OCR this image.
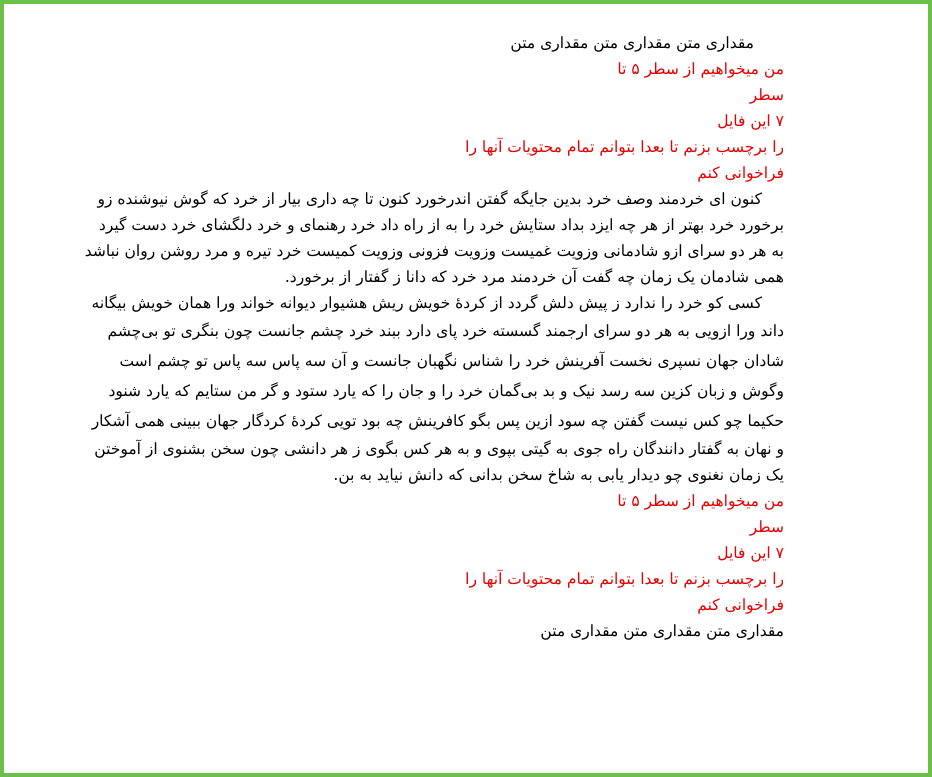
مقداری متن مقداری متن مقداری متن
من میخواهیم از سطر ۵ تا
سطر
۷ این فایل
را برچسب بزنم تا بعدا بتوانم تمام محتویات آنها را
فراخوانی کنم
کنون ای خردمند وصف خرد بدین جایگه گفتن اندرخورد کنون تا چه داری بیار از خرد که گوش نیوشنده زو
برخورد خرد بهتر از هر چه ایزد بداد ستایش خرد را به از راه داد خرد رهنمای و خرد دلگشای خرد دست گیرد
به هر دو سرای ازو شادمانی وزویت غمیست وزویت فزونی وزویت کمیست خرد تیره و مرد روشن روان نباشد
همی شادمان یک زمان چه گفت آن خردمند مرد خرد که دانا ز گفتار از برخورد.
کسی کو خرد را ندارد ز پیش دلش گردد از کردهٔ خویش ریش هشیوار دیوانه خواند ورا همان خویش بیگانه
داند ورا ازویی به هر دو سرای ارجمند گسسته خرد پای دارد ببند خرد چشم جانست چون بنگری تو بی‌چشم
شادان جهان نسپری نخست آفرینش خرد را شناس نگهبان جانست و آن سه پاس سه پاس تو چشم است
وگوش و زبان کزین سه رسد نیک و بد بی‌گمان خرد را و جان را که یارد ستود و گر من ستایم که یارد شنود
حکیما چو کس نیست گفتن چه سود ازین پس بگو کافرینش چه بود تویی کردهٔ کردگار جهان ببینی همی آشکار
و نهان به گفتار دانندگان راه جوی به گیتی بپوی و به هر کس بگوی ز هر دانشی چون سخن بشنوی از آموختن
یک زمان نغنوی چو دیدار یابی به شاخ سخن بدانی که دانش نیاید به بن.
من میخواهیم از سطر ۵ تا
سطر
۷ این فایل
را برچسب بزنم تا بعدا بتوانم تمام محتویات آنها را
فراخوانی کنم
مقداری متن مقداری متن مقداری متن
